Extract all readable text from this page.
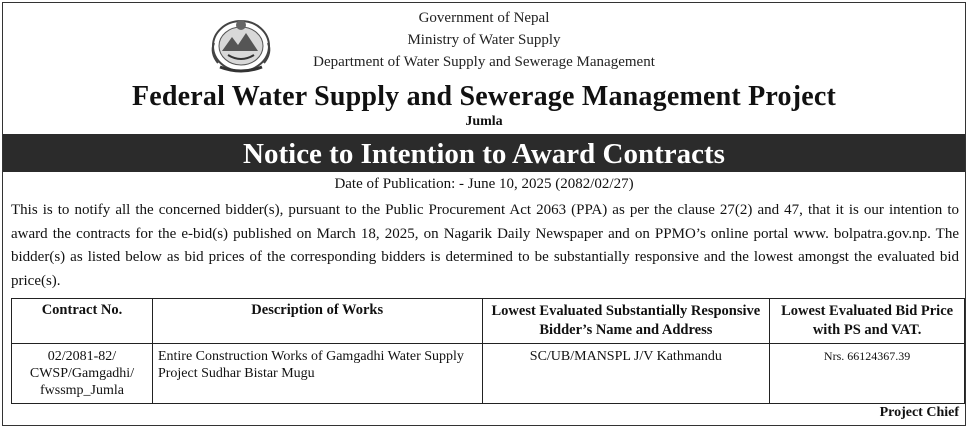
Government of Nepal
Ministry of Water Supply
Department of Water Supply and Sewerage Management
Federal Water Supply and Sewerage Management Project
Jumla
Notice to Intention to Award Contracts
Date of Publication: - June 10, 2025 (2082/02/27)
This is to notify all the concerned bidder(s), pursuant to the Public Procurement Act 2063 (PPA) as per the clause 27(2) and 47, that it is our intention to award the contracts for the e-bid(s) published on March 18, 2025, on Nagarik Daily Newspaper and on PPMO’s online portal www. bolpatra.gov.np. The bidder(s) as listed below as bid prices of the corresponding bidders is determined to be substantially responsive and the lowest amongst the evaluated bid price(s).
Contract No.	Description of Works	Lowest Evaluated Substantially Responsive Bidder’s Name and Address	Lowest Evaluated Bid Price with PS and VAT.
02/2081-82/ CWSP/Gamgadhi/ fwssmp_Jumla	Entire Construction Works of Gamgadhi Water Supply Project Sudhar Bistar Mugu	SC/UB/MANSPL J/V Kathmandu	Nrs. 66124367.39
Project Chief
